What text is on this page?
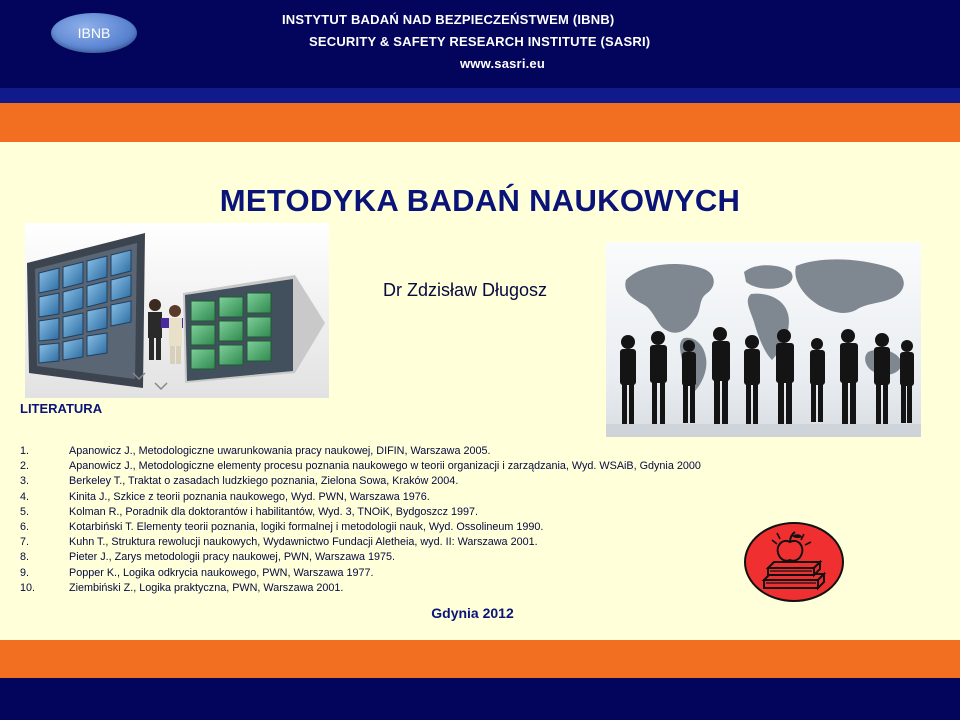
IBNB
INSTYTUT BADAŃ NAD BEZPIECZEŃSTWEM (IBNB)
SECURITY & SAFETY RESEARCH INSTITUTE (SASRI)
www.sasri.eu
METODYKA BADAŃ NAUKOWYCH
Dr Zdzisław Długosz
LITERATURA
1.	Apanowicz J., Metodologiczne uwarunkowania pracy naukowej, DIFIN, Warszawa 2005.
2.	Apanowicz J., Metodologiczne elementy procesu poznania naukowego w teorii organizacji i zarządzania, Wyd. WSAiB, Gdynia 2000
3.	Berkeley T., Traktat o zasadach ludzkiego poznania, Zielona Sowa, Kraków 2004.
4.	Kinita J., Szkice z teorii poznania naukowego, Wyd. PWN, Warszawa 1976.
5.	Kolman R., Poradnik dla doktorantów i habilitantów, Wyd. 3, TNOiK, Bydgoszcz 1997.
6.	Kotarbiński T. Elementy teorii poznania, logiki formalnej i metodologii nauk, Wyd. Ossolineum 1990.
7.	Kuhn T., Struktura rewolucji naukowych, Wydawnictwo Fundacji Aletheia, wyd. II: Warszawa 2001.
8.	Pieter J., Zarys metodologii pracy naukowej, PWN, Warszawa 1975.
9.	Popper K., Logika odkrycia naukowego, PWN, Warszawa 1977.
10.	Ziembiński Z., Logika praktyczna, PWN, Warszawa 2001.
Gdynia 2012
